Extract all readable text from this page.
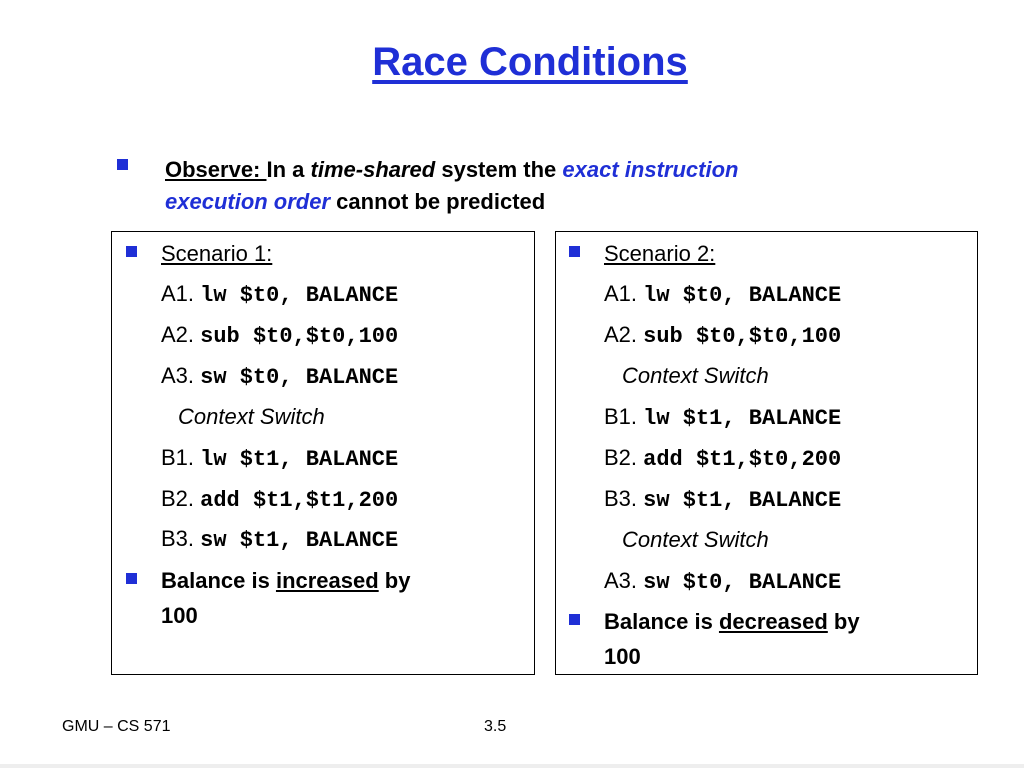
Race Conditions
Observe: In a time-shared system the exact instruction execution order cannot be predicted
Scenario 1:
A1. lw $t0, BALANCE
A2. sub $t0,$t0,100
A3. sw $t0, BALANCE
Context Switch
B1. lw $t1, BALANCE
B2. add $t1,$t1,200
B3. sw $t1, BALANCE
Balance is increased by
100
Scenario 2:
A1. lw $t0, BALANCE
A2. sub $t0,$t0,100
Context Switch
B1. lw $t1, BALANCE
B2. add $t1,$t0,200
B3. sw $t1, BALANCE
Context Switch
A3. sw $t0, BALANCE
Balance is decreased by
100
GMU – CS 571	3.5
